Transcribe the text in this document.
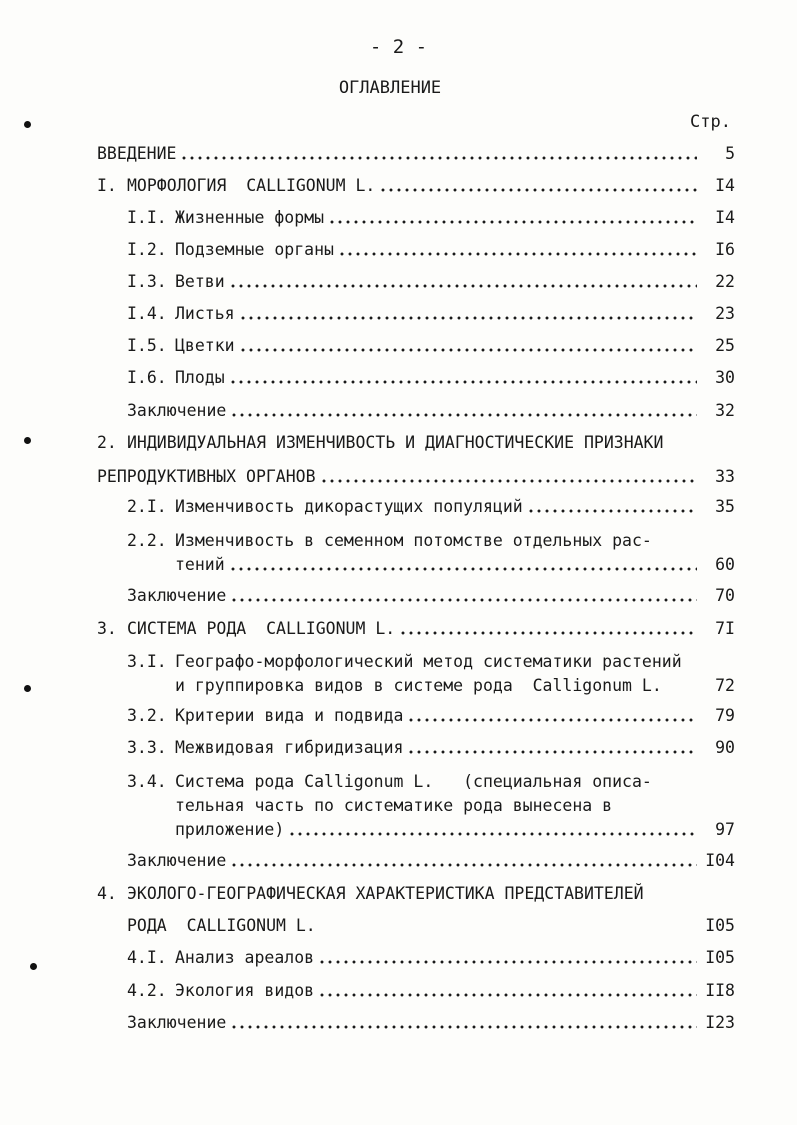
- 2 -
ОГЛАВЛЕНИЕ
Стр.
ВВЕДЕНИЕ	5
I. МОРФОЛОГИЯ  CALLIGONUM L.	I4
I.I. Жизненные формы	I4
I.2. Подземные органы	I6
I.3. Ветви	22
I.4. Листья	23
I.5. Цветки	25
I.6. Плоды	30
Заключение	32
2. ИНДИВИДУАЛЬНАЯ ИЗМЕНЧИВОСТЬ И ДИАГНОСТИЧЕСКИЕ ПРИЗНАКИ
РЕПРОДУКТИВНЫХ ОРГАНОВ	33
2.I. Изменчивость дикорастущих популяций	35
2.2. Изменчивость в семенном потомстве отдельных рас-
тений	60
Заключение	70
3. СИСТЕМА РОДА  CALLIGONUM L.	7I
3.I. Географо-морфологический метод систематики растений
и группировка видов в системе рода  Calligonum L.	72
3.2. Критерии вида и подвида	79
3.3. Межвидовая гибридизация	90
3.4. Система рода Calligonum L.   (специальная описа-
тельная часть по систематике рода вынесена в
приложение)	97
Заключение	I04
4. ЭКОЛОГО-ГЕОГРАФИЧЕСКАЯ ХАРАКТЕРИСТИКА ПРЕДСТАВИТЕЛЕЙ
РОДА  CALLIGONUM L.	I05
4.I. Анализ ареалов	I05
4.2. Экология видов	II8
Заключение	I23
